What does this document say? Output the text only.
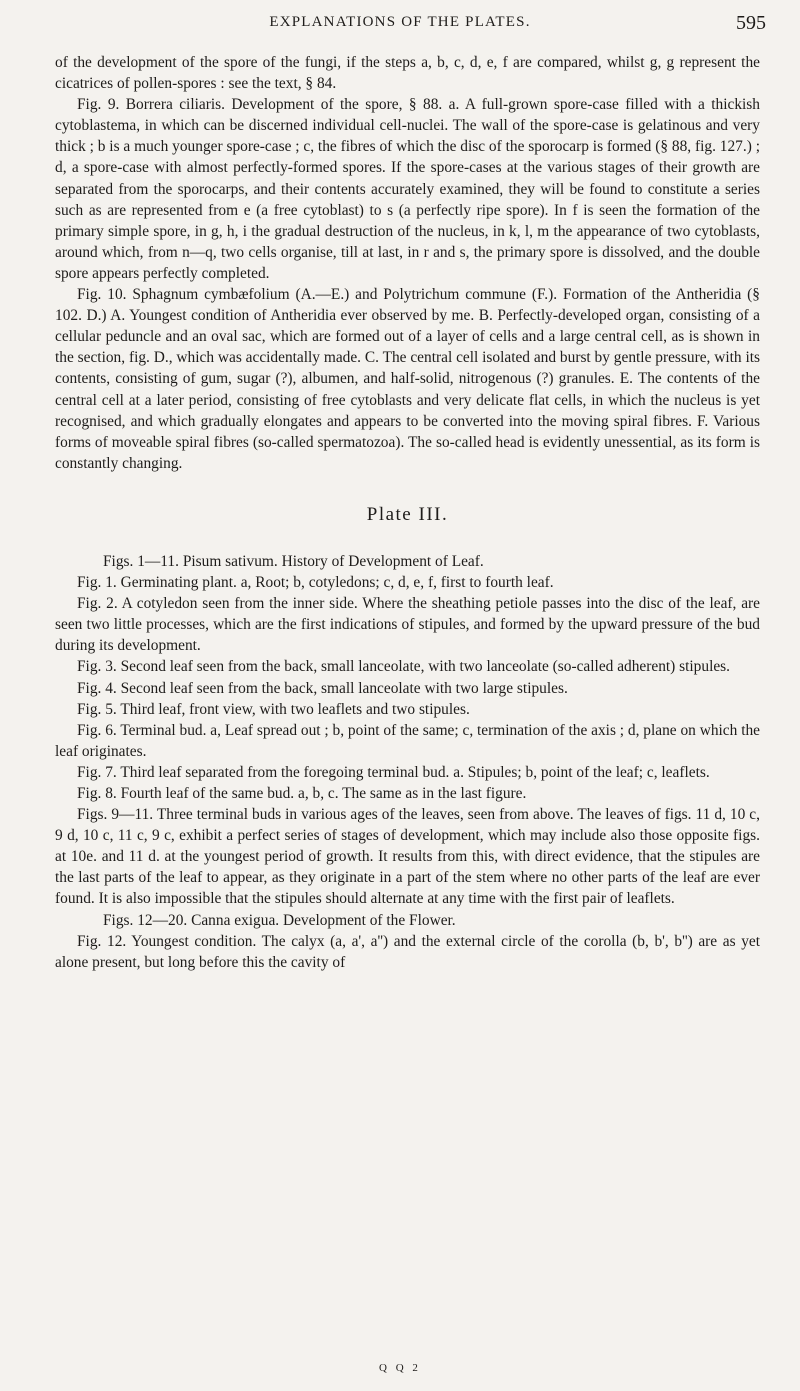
EXPLANATIONS OF THE PLATES.	595

of the development of the spore of the fungi, if the steps a, b, c, d, e, f are compared, whilst g, g represent the cicatrices of pollen-spores : see the text, § 84.

Fig. 9. Borrera ciliaris. Development of the spore, § 88. a. A full-grown spore-case filled with a thickish cytoblastema, in which can be discerned individual cell-nuclei. The wall of the spore-case is gelatinous and very thick ; b is a much younger spore-case ; c, the fibres of which the disc of the sporocarp is formed (§ 88, fig. 127.) ; d, a spore-case with almost perfectly-formed spores. If the spore-cases at the various stages of their growth are separated from the sporocarps, and their contents accurately examined, they will be found to constitute a series such as are represented from e (a free cytoblast) to s (a perfectly ripe spore). In f is seen the formation of the primary simple spore, in g, h, i the gradual destruction of the nucleus, in k, l, m the appearance of two cytoblasts, around which, from n—q, two cells organise, till at last, in r and s, the primary spore is dissolved, and the double spore appears perfectly completed.

Fig. 10. Sphagnum cymbæfolium (A.—E.) and Polytrichum commune (F.). Formation of the Antheridia (§ 102. D.) A. Youngest condition of Antheridia ever observed by me. B. Perfectly-developed organ, consisting of a cellular peduncle and an oval sac, which are formed out of a layer of cells and a large central cell, as is shown in the section, fig. D., which was accidentally made. C. The central cell isolated and burst by gentle pressure, with its contents, consisting of gum, sugar (?), albumen, and half-solid, nitrogenous (?) granules. E. The contents of the central cell at a later period, consisting of free cytoblasts and very delicate flat cells, in which the nucleus is yet recognised, and which gradually elongates and appears to be converted into the moving spiral fibres. F. Various forms of moveable spiral fibres (so-called spermatozoa). The so-called head is evidently unessential, as its form is constantly changing.

Plate III.

Figs. 1—11. Pisum sativum. History of Development of Leaf.

Fig. 1. Germinating plant. a, Root; b, cotyledons; c, d, e, f, first to fourth leaf.

Fig. 2. A cotyledon seen from the inner side. Where the sheathing petiole passes into the disc of the leaf, are seen two little processes, which are the first indications of stipules, and formed by the upward pressure of the bud during its development.

Fig. 3. Second leaf seen from the back, small lanceolate, with two lanceolate (so-called adherent) stipules.

Fig. 4. Second leaf seen from the back, small lanceolate with two large stipules.

Fig. 5. Third leaf, front view, with two leaflets and two stipules.

Fig. 6. Terminal bud. a, Leaf spread out ; b, point of the same; c, termination of the axis ; d, plane on which the leaf originates.

Fig. 7. Third leaf separated from the foregoing terminal bud. a. Stipules; b, point of the leaf; c, leaflets.

Fig. 8. Fourth leaf of the same bud. a, b, c. The same as in the last figure.

Figs. 9—11. Three terminal buds in various ages of the leaves, seen from above. The leaves of figs. 11 d, 10 c, 9 d, 10 c, 11 c, 9 c, exhibit a perfect series of stages of development, which may include also those opposite figs. at 10e. and 11 d. at the youngest period of growth. It results from this, with direct evidence, that the stipules are the last parts of the leaf to appear, as they originate in a part of the stem where no other parts of the leaf are ever found. It is also impossible that the stipules should alternate at any time with the first pair of leaflets.

Figs. 12—20. Canna exigua. Development of the Flower.

Fig. 12. Youngest condition. The calyx (a, a', a'') and the external circle of the corolla (b, b', b'') are as yet alone present, but long before this the cavity of

Q Q 2
